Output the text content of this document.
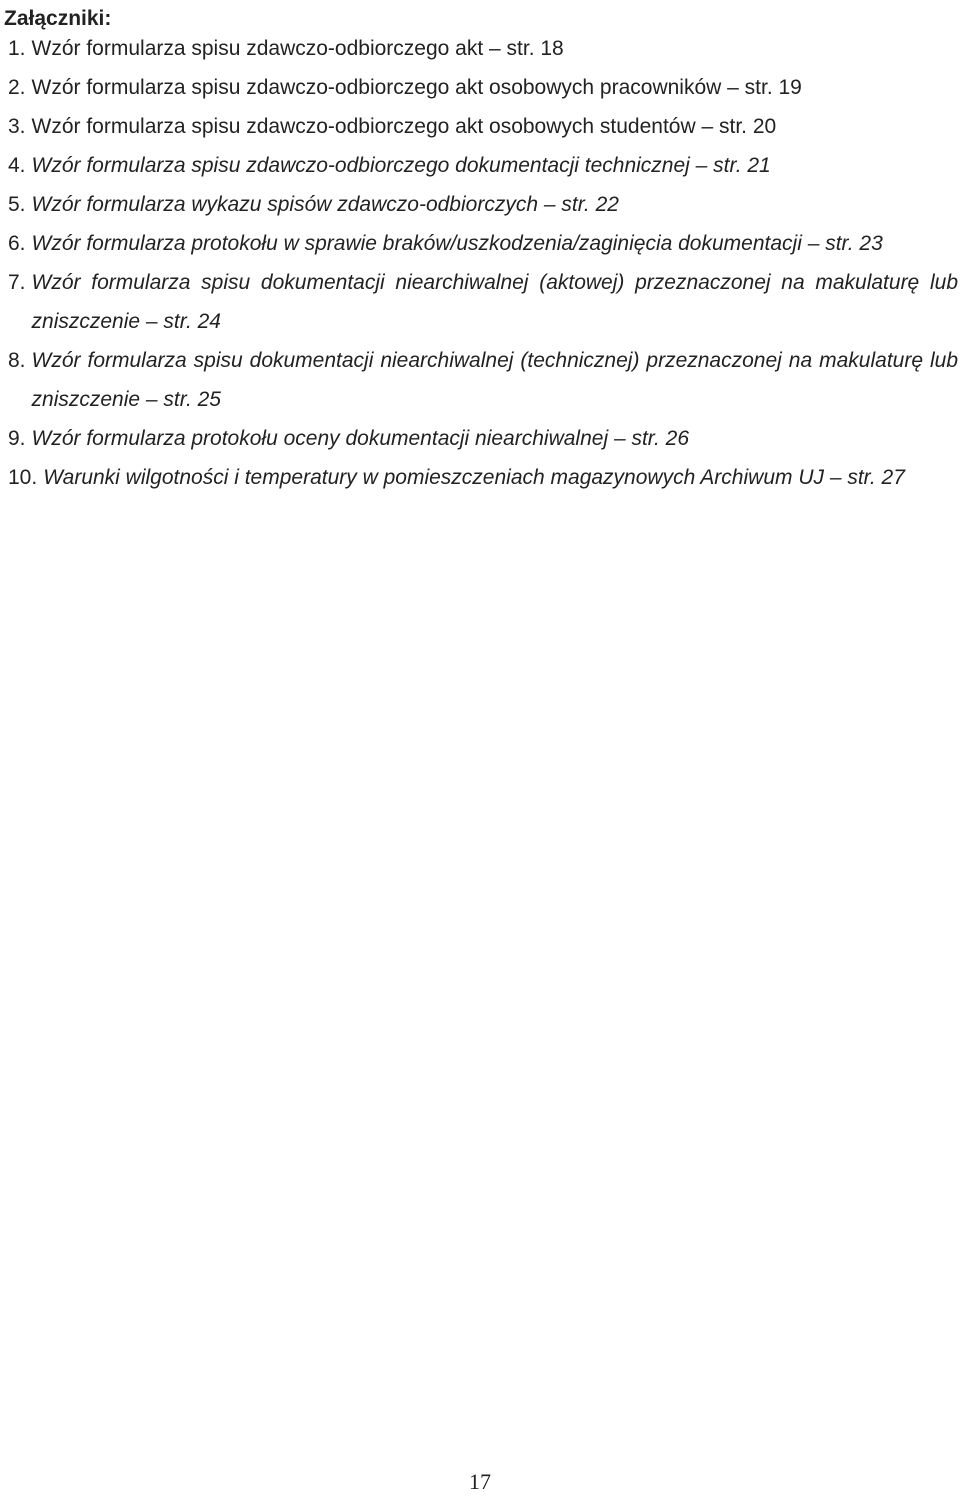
Załączniki:
1. Wzór formularza spisu zdawczo-odbiorczego akt – str. 18
2. Wzór formularza spisu zdawczo-odbiorczego akt osobowych pracowników – str. 19
3. Wzór formularza spisu zdawczo-odbiorczego akt osobowych studentów – str. 20
4. Wzór formularza spisu zdawczo-odbiorczego dokumentacji technicznej – str. 21
5. Wzór formularza wykazu spisów zdawczo-odbiorczych – str. 22
6. Wzór formularza protokołu w sprawie braków/uszkodzenia/zaginięcia dokumentacji – str. 23
7. Wzór formularza spisu dokumentacji niearchiwalnej (aktowej) przeznaczonej na makulaturę lub zniszczenie – str. 24
8. Wzór formularza spisu dokumentacji niearchiwalnej (technicznej) przeznaczonej na makulaturę lub zniszczenie – str. 25
9. Wzór formularza protokołu oceny dokumentacji niearchiwalnej – str. 26
10. Warunki wilgotności i temperatury w pomieszczeniach magazynowych Archiwum UJ – str. 27
17
